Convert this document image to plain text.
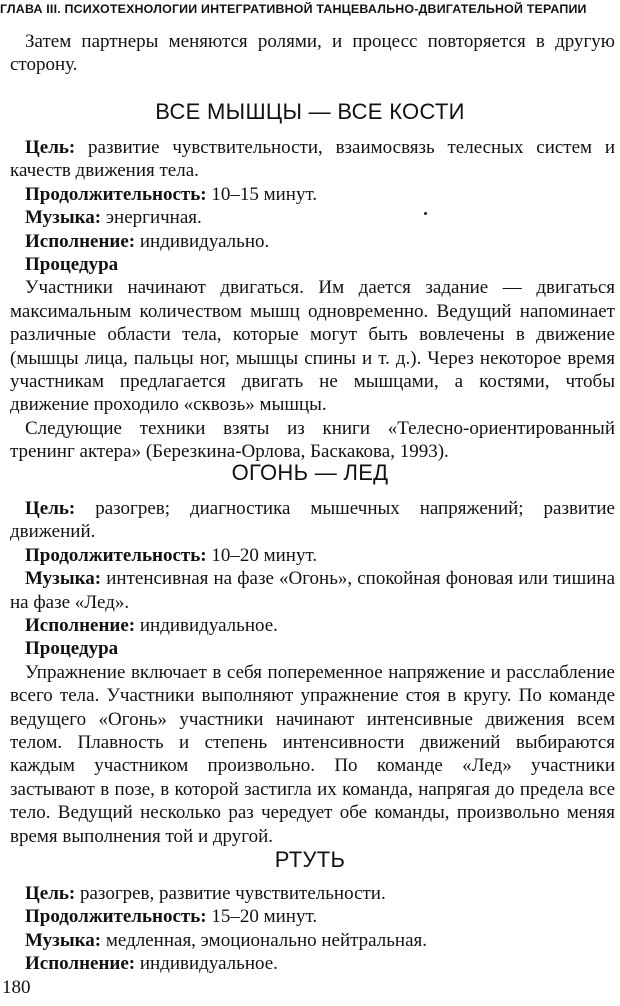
ГЛАВА III. ПСИХОТЕХНОЛОГИИ ИНТЕГРАТИВНОЙ ТАНЦЕВАЛЬНО-ДВИГАТЕЛЬНОЙ ТЕРАПИИ

Затем партнеры меняются ролями, и процесс повторяется в другую сторону.

ВСЕ МЫШЦЫ — ВСЕ КОСТИ

Цель: развитие чувствительности, взаимосвязь телесных систем и качеств движения тела.

Продолжительность: 10–15 минут.

Музыка: энергичная.

Исполнение: индивидуально.

Процедура

Участники начинают двигаться. Им дается задание — двигаться максимальным количеством мышц одновременно. Ведущий напоминает различные области тела, которые могут быть вовлечены в движение (мышцы лица, пальцы ног, мышцы спины и т. д.). Через некоторое время участникам предлагается двигать не мышцами, а костями, чтобы движение проходило «сквозь» мышцы.

Следующие техники взяты из книги «Телесно-ориентированный тренинг актера» (Березкина-Орлова, Баскакова, 1993).

ОГОНЬ — ЛЕД

Цель: разогрев; диагностика мышечных напряжений; развитие движений.

Продолжительность: 10–20 минут.

Музыка: интенсивная на фазе «Огонь», спокойная фоновая или тишина на фазе «Лед».

Исполнение: индивидуальное.

Процедура

Упражнение включает в себя попеременное напряжение и расслабление всего тела. Участники выполняют упражнение стоя в кругу. По команде ведущего «Огонь» участники начинают интенсивные движения всем телом. Плавность и степень интенсивности движений выбираются каждым участником произвольно. По команде «Лед» участники застывают в позе, в которой застигла их команда, напрягая до предела все тело. Ведущий несколько раз чередует обе команды, произвольно меняя время выполнения той и другой.

РТУТЬ

Цель: разогрев, развитие чувствительности.

Продолжительность: 15–20 минут.

Музыка: медленная, эмоционально нейтральная.

Исполнение: индивидуальное.

180
